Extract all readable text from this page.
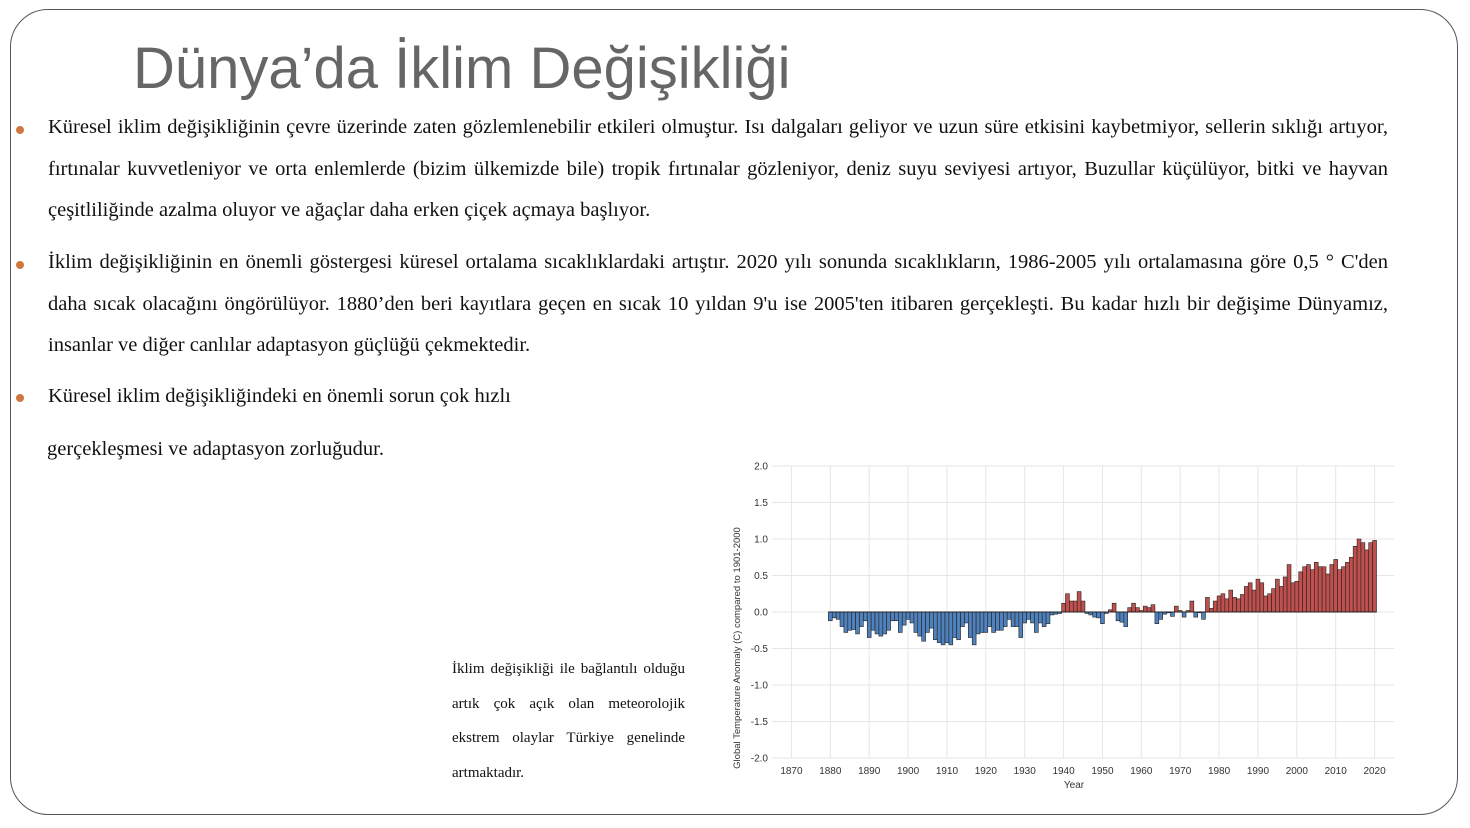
Dünya’da İklim Değişikliği

Küresel iklim değişikliğinin çevre üzerinde zaten gözlemlenebilir etkileri olmuştur. Isı dalgaları geliyor ve uzun süre etkisini kaybetmiyor, sellerin sıklığı artıyor, fırtınalar kuvvetleniyor ve orta enlemlerde (bizim ülkemizde bile) tropik fırtınalar gözleniyor, deniz suyu seviyesi artıyor, Buzullar küçülüyor, bitki ve hayvan çeşitliliğinde azalma oluyor ve ağaçlar daha erken çiçek açmaya başlıyor.

İklim değişikliğinin en önemli göstergesi küresel ortalama sıcaklıklardaki artıştır. 2020 yılı sonunda sıcaklıkların, 1986-2005 yılı ortalamasına göre 0,5 ° C'den daha sıcak olacağını öngörülüyor. 1880’den beri kayıtlara geçen en sıcak 10 yıldan 9'u ise 2005'ten itibaren gerçekleşti. Bu kadar hızlı bir değişime Dünyamız, insanlar ve diğer canlılar adaptasyon güçlüğü çekmektedir.

Küresel iklim değişikliğindeki en önemli sorun çok hızlı

gerçekleşmesi ve adaptasyon zorluğudur.

İklim değişikliği ile bağlantılı olduğu artık çok açık olan meteorolojik ekstrem olaylar Türkiye genelinde artmaktadır.	1870 1880 1890 1900 1910 1920 1930 1940 1950 1960 1970 1980 1990 2000 2010 2020
2.0
1.5
1.0
0.5
0.0
-0.5
-1.0
-1.5
-2.0
Year
Global Temperature Anomaly (C) compared to 1901-2000
